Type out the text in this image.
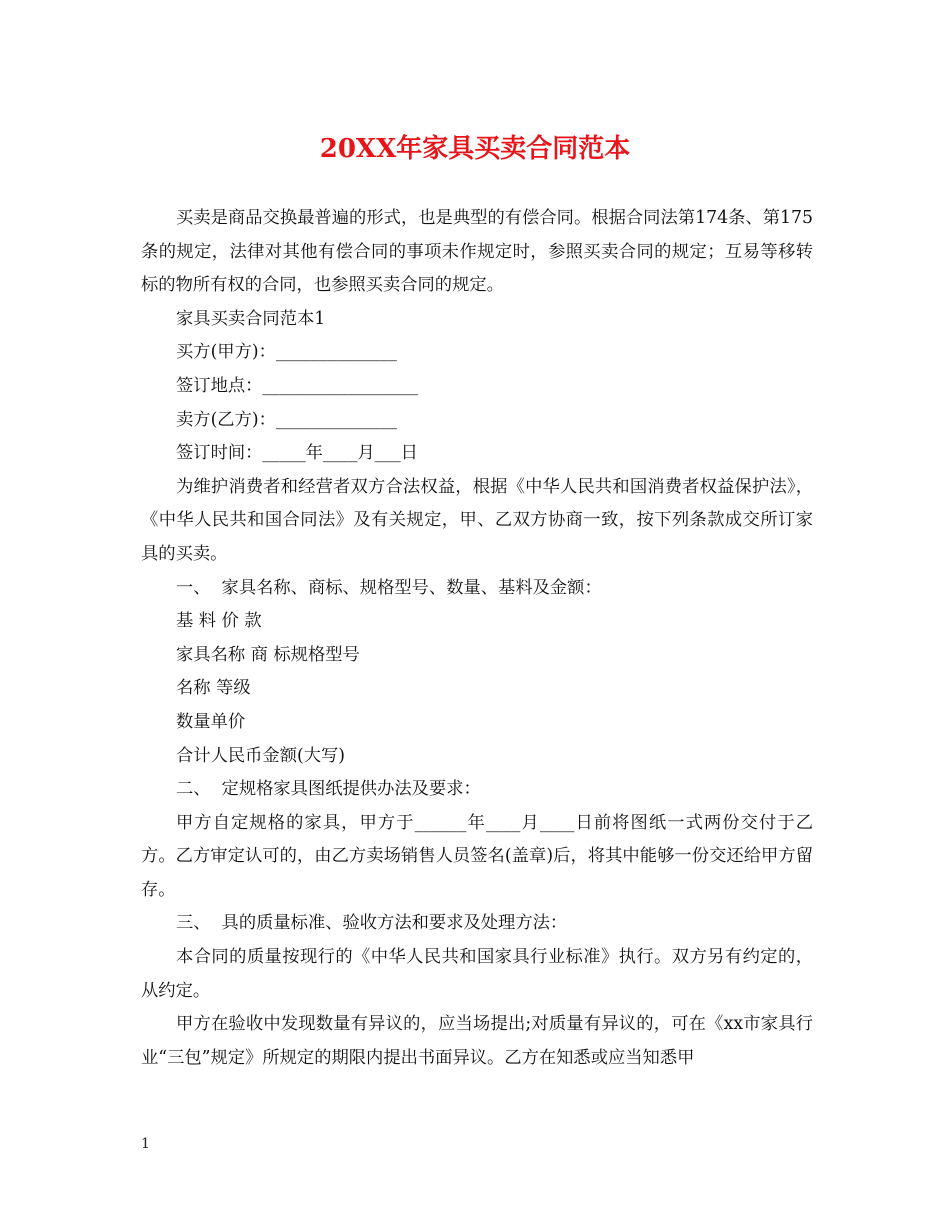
20XX年家具买卖合同范本

买卖是商品交换最普遍的形式，也是典型的有偿合同。根据合同法第174条、第175条的规定，法律对其他有偿合同的事项未作规定时，参照买卖合同的规定；互易等移转标的物所有权的合同，也参照买卖合同的规定。

家具买卖合同范本1

买方(甲方)：______________

签订地点：__________________

卖方(乙方)：______________

签订时间：_____年____月___日

为维护消费者和经营者双方合法权益，根据《中华人民共和国消费者权益保护法》，《中华人民共和国合同法》及有关规定，甲、乙双方协商一致，按下列条款成交所订家具的买卖。

一、  家具名称、商标、规格型号、数量、基料及金额：

基 料 价 款

家具名称 商 标规格型号

名称 等级

数量单价

合计人民币金额(大写)

二、  定规格家具图纸提供办法及要求：

甲方自定规格的家具，甲方于______年____月____日前将图纸一式两份交付于乙方。乙方审定认可的，由乙方卖场销售人员签名(盖章)后，将其中能够一份交还给甲方留存。

三、  具的质量标准、验收方法和要求及处理方法：

本合同的质量按现行的《中华人民共和国家具行业标准》执行。双方另有约定的，从约定。

甲方在验收中发现数量有异议的，应当场提出;对质量有异议的，可在《xx市家具行业“三包”规定》所规定的期限内提出书面异议。乙方在知悉或应当知悉甲

1
